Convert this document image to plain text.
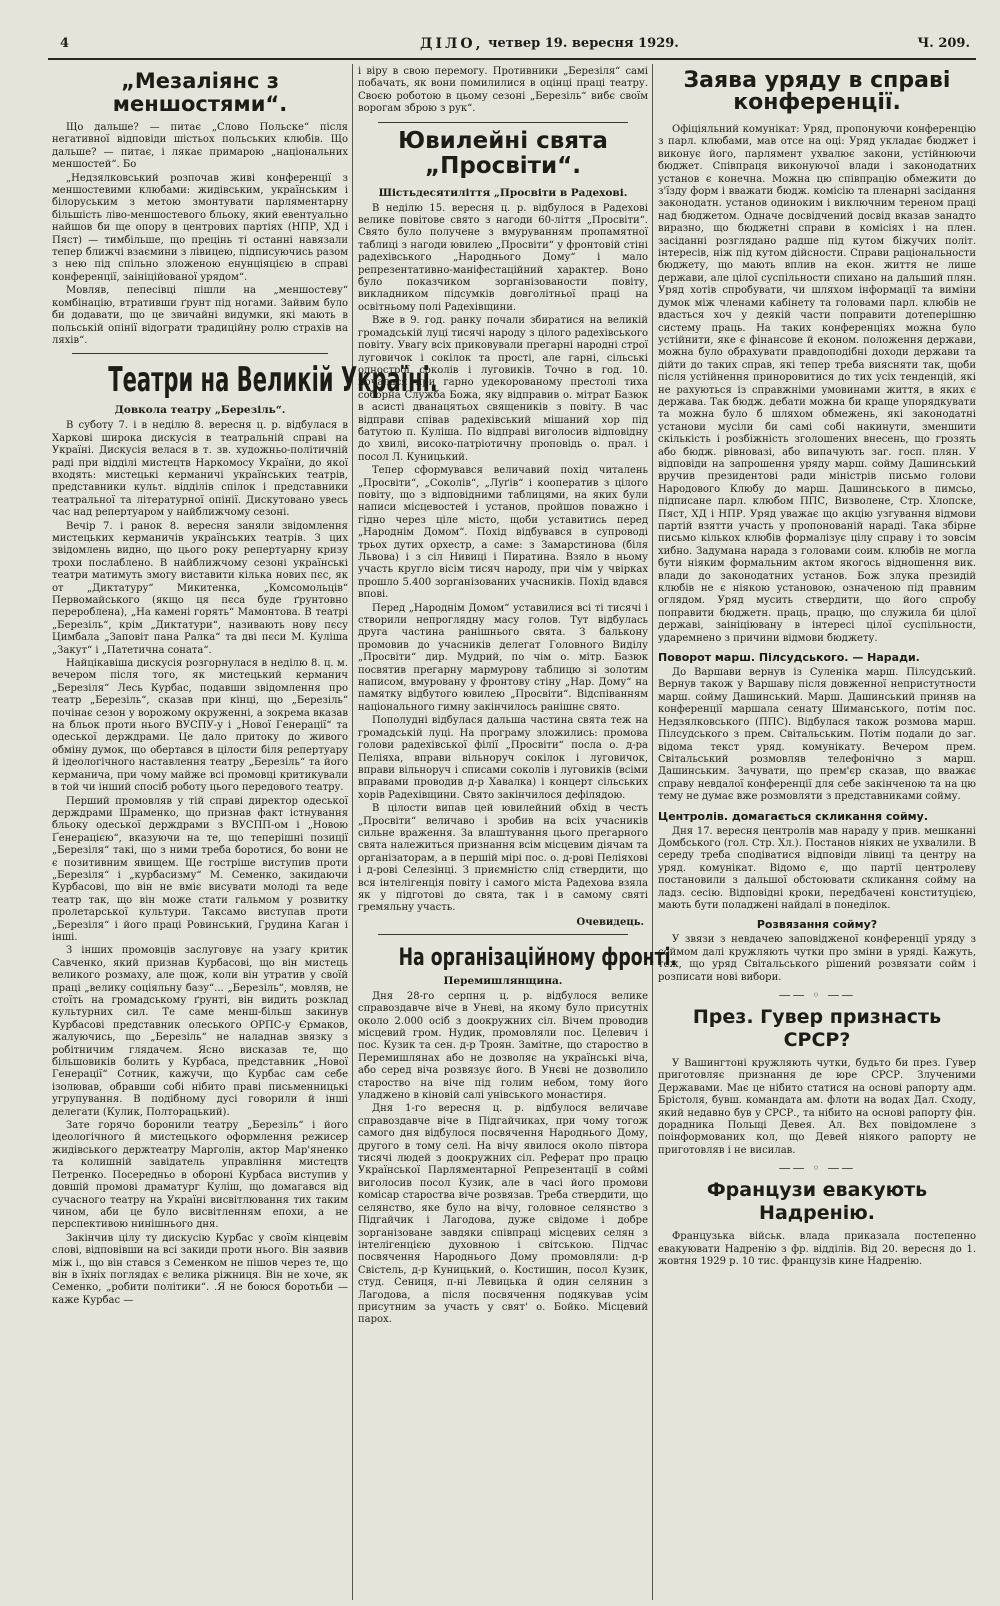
4	ДІЛО, четвер 19. вересня 1929.	Ч. 209.
„Мезаліянс з меншостями“.

Що дальше? — питає „Слово Польске“ після негативної відповіди шістьох польських клюбів. Що дальше? — питає, і лякає примарою „національних меншостей“. Бо

„Недзялковський розпочав живі конференції з меншостевими клюбами: жидівським, українським і білоруським з метою змонтувати парляментарну більшість ліво-меншостевого бльоку, який евентуально найшов би ще опору в центрових партіях (НПР, ХД і Пяст) — тимбільше, що прецінь ті останні навязали тепер ближчі взаємини з лівицею, підписуючись разом з нею під спільно зложеною енунціяцією в справі конференції, заініційованої урядом“.

Мовляв, пепесівці пішли на „меншостеву“ комбінацію, втративши ґрунт під ногами. Зайвим було би додавати, що це звичайні видумки, які мають в польській опінії відограти традиційну ролю страхів на ляхів“.

Театри на Великій Україні.
Довкола театру „Березіль“.

В суботу 7. і в неділю 8. вересня ц. р. відбулася в Харкові широка дискусія в театральній справі на Україні. Дискусія велася в т. зв. художньо-політичній раді при відділі мистецтв Наркомосу України, до якої входять: мистецькі керманичі українських театрів, представники культ. відділів спілок і представники театральної та літературної опінії. Дискутовано увесь час над репертуаром у найближчому сезоні.

Вечір 7. і ранок 8. вересня заняли звідомлення мистецьких керманичів українських театрів. З цих звідомлень видно, що цього року репертуарну кризу трохи послаблено. В найближчому сезоні українські театри матимуть змогу виставити кілька нових пєс, як от „Диктатуру“ Микитенка, „Комсомольців“ Первомайського (якщо ця пєса буде ґрунтовно перероблена), „На камені горять“ Мамонтова. В театрі „Березіль“, крім „Диктатури“, називають нову пєсу Цимбала „Заповіт пана Ралка“ та дві пєси М. Куліша „Закут“ і „Патетична соната“.

Найцікавіша дискусія розгорнулася в неділю 8. ц. м. вечером після того, як мистецький керманич „Березіля“ Лесь Курбас, подавши звідомлення про театр „Березіль“, сказав при кінці, що „Березіль“ почінає сезон у ворожому окруженні, а зокрема вказав на бльок проти нього ВУСПУ-у і „Нової Генерації“ та одеської держдрами. Це дало притоку до живого обміну думок, що обертався в цілости біля репертуару й ідеологічного наставлення театру „Березіль“ та його керманича, при чому майже всі промовці критикували в той чи інший спосіб роботу цього передового театру.

Перший промовляв у тій справі директор одеської держдрами Шраменко, що признав факт істнування бльоку одеської держдрами з ВУСПП-ом і „Новою Ґенерацією“, вказуючи на те, що теперішні позиції „Березіля“ такі, що з ними треба боротися, бо вони не є позитивним явищем. Ще гостріше виступив проти „Березіля“ і „курбасизму“ М. Семенко, закидаючи Курбасові, що він не вміє висувати молоді та веде театр так, що він може стати гальмом у розвитку пролетарської культури. Таксамо виступав проти „Березіля“ і його праці Ровинський, Грудина Каган і інші.

З інших промовців заслуговує на узагу критик Савченко, який признав Курбасові, що він мистець великого розмаху, але щож, коли він утратив у своїй праці „велику соціяльну базу“... „Березіль“, мовляв, не стоїть на громадському ґрунті, він видить розклад культурних сил. Те саме менш-більш закинув Курбасові представник олеського ОРПС-у Єрмаков, жалуючись, що „Березіль“ не наладнав звязку з робітничим глядачем. Ясно висказав те, що більшовиків болить у Курбаса, представник „Нової Генерації“ Сотник, кажучи, що Курбас сам себе ізолював, обравши собі нібито праві письменницькі угрупування. В подібному дусі говорили й інші делегати (Кулик, Полторацький).

Зате горячо боронили театру „Березіль“ і його ідеологічного й мистецького оформлення режисер жидівського держтеатру Марголін, актор Мар'яненко та колишній завідатель управління мистецтв Петренко. Посередньо в обороні Курбаса виступив у довшій промові драматург Куліш, що домагався від сучасного театру на Україні висвітлювання тих таким чином, аби це було висвітленням епохи, а не перспективою нинішнього дня.

Закінчив цілу ту дискусію Курбас у своїм кінцевім слові, відповівши на всі закиди проти нього. Він заявив між і., що він стався з Семенком не пішов через те, що він в їхніх поглядах є велика ріжниця. Він не хоче, як Семенко, „робити політики“. .Я не боюся боротьби — каже Курбас —

і віру в свою перемогу. Противники „Березіля“ самі побачать, як вони помилилися в оцінці праці театру. Своєю роботою в цьому сезоні „Березіль“ вибє своїм ворогам зброю з рук“.

Ювилейні свята „Просвіти“.
Шістьдесятиліття „Просвіти в Радехові.

В неділю 15. вересня ц. р. відбулося в Радехові велике повітове свято з нагоди 60-ліття „Просвіти“. Свято було получене з вмуруванням пропамятної таблиці з нагоди ювилею „Просвіти“ у фронтовій стіні радехівського „Народнього Дому“ і мало репрезентативно-маніфестаційний характер. Воно було показчиком зорганізованости повіту, викладником підсумків довголітньої праці на освітньому полі Радехівщини.

Вже в 9. год. ранку почали збиратися на великій громадській луці тисячі народу з цілого радехівського повіту. Увагу всіх приковували прегарні народні строї луговичок і сокілок та прості, але гарні, сільські однострої соколів і луговиків. Точно в год. 10. почалася при гарно удекорованому престолі тиха соборна Служба Божа, яку відправив о. мітрат Базюк в асисті дванацятьох священиків з повіту. В час відправи співав радехівський мішаний хор під батутою п. Куліша. По відправі виголосив відповідну до хвилі, високо-патріотичну проповідь о. прал. і посол Л. Куницький.

Тепер сформувався величавий похід читалень „Просвіти“, „Соколів“, „Луґів“ і кооператив з цілого повіту, що з відповідними таблицями, на яких були написи місцевостей і установ, пройшов поважно і гідно через ціле місто, щоби уставитись перед „Народнім Домом“. Похід відбувався в супроводі трьох дутих орхестр, а саме: з Замарстинова (біля Львова) і з сіл Нивиці і Пиратина. Взяло в ньому участь кругло вісім тисяч народу, при чім у чвірках прошло 5.400 зорганізованих учасників. Похід вдався впові.

Перед „Народнім Домом“ уставилися всі ті тисячі і створили непроглядну масу голов. Тут відбулась друга частина ранішнього свята. З балькону промовив до учасників делегат Головного Виділу „Просвіти“ дир. Мудрий, по чім о. мітр. Базюк посвятив прегарну мармурову таблицю зі золотим написом, вмуровану у фронтову стіну „Нар. Дому“ на памятку відбутого ювилею „Просвіти“. Відспіванням національного гимну закінчилось ранішнє свято.

Пополудні відбулася дальша частина свята теж на громадській луці. На програму зложились: промова голови радехівської філії „Просвіти“ посла о. д-ра Пеліяха, вправи вільноруч сокілок і луговичок, вправи вільноруч і списами соколів і луговиків (всіми вправами проводив д-р Хавалка) і концерт сільських хорів Радехівщини. Свято закінчилося дефілядою.

В цілости випав цей ювилейний обхід в честь „Просвіти“ величаво і зробив на всіх учасників сильне враження. За влаштування цього прегарного свята належиться признання всім місцевим діячам та організаторам, а в першій мірі пос. о. д-рові Пеліяхові і д-рові Селезінці. З приємністю слід ствердити, що вся інтелігенція повіту і самого міста Радехова взяла як у підготові до свята, так і в самому святі гремяльну участь.

Очевидець.
На організаційному фронті.
Перемишлянщина.

Дня 28-го серпня ц. р. відбулося велике справоздавче віче в Уневі, на якому було присутніх около 2.000 осіб з доокружних сіл. Вічем проводив місцевий гром. Нудик, промовляли пос. Целевич і пос. Кузик та сен. д-р Троян. Замітне, що староство в Перемишлянах або не дозволяє на українські віча, або серед віча розвязує його. В Унєві не дозволило староство на віче під голим небом, тому його уладжено в кіновій салі унівського монастиря.

Дня 1-го вересня ц. р. відбулося величаве справоздавче віче в Підгайчиках, при чому тогож самого дня відбулося посвячення Народнього Дому, другого в тому селі. На вічу явилося около півтора тисячі людей з доокружних сіл. Реферат про працю Української Парляментарної Репрезентації в соймі виголосив посол Кузик, але в часі його промови комісар староства віче розвязав. Треба ствердити, що селянство, яке було на вічу, головное селянство з Підгайчик і Лагодова, дуже свідоме і добре зорганізоване завдяки співпраці місцевих селян з інтелігенцією духовною і світською. Підчас посвячення Народнього Дому промовляли: д-р Свістель, д-р Куницький, о. Костишин, посол Кузик, студ. Сениця, п-ні Левицька й один селянин з Лагодова, а після посвячення подякував усім присутним за участь у свят' о. Бойко. Місцевий парох.

Заява уряду в справі конференції.

Офіціяльний комунікат: Уряд, пропонуючи конференцію з парл. клюбами, мав отсе на оці: Уряд укладає бюджет і виконує його, парлямент ухвалює закони, устійнюючи бюджет. Співпраця виконуючої влади і законодатних установ є конечна. Можна цю співпрацію обмежити до з'їзду форм і вважати бюдж. комісію та пленарні засідання законодатн. установ одиноким і виключним тереном праці над бюджетом. Одначе досвідчений досвід вказав занадто виразно, що бюджетні справи в комісіях і на плен. засіданні розглядано радше під кутом біжучих політ. інтересів, ніж під кутом дійсности. Справи раціональности бюджету, що мають вплив на екон. життя не лише держави, але цілої суспільности спихано на дальший плян. Уряд хотів спробувати, чи шляхом інформації та виміни думок між членами кабінету та головами парл. клюбів не вдасться хоч у деякій части поправити дотеперішню систему праць. На таких конференціях можна було устійнити, яке є фінансове й економ. положення держави, можна було обрахувати правдоподібні доходи держави та дійти до таких справ, які тепер треба виясняти так, щоби після устійнення приноровитися до тих усіх тенденцій, які не рахуються із справжніми умовинами життя, в яких є держава. Так бюдж. дебати можна би краще упорядкувати та можна було б шляхом обмежень, які законодатні установи мусіли би самі собі накинути, зменшити скількість і розбіжність зголошених внесень, що грозять або бюдж. рівновазі, або випачують заг. госп. плян. У відповіди на запрошення уряду марш. сойму Дашинський вручив президентові ради міністрів письмо голови Народового Клюбу до марш. Дашинського в пимсьо, підписане парл. клюбом ППС, Визволене, Стр. Хлопске, Пяст, ХД і НПР. Уряд уважає що акцію узгування відмови партій взятти участь у пропонованій нараді. Така збірне письмо кількох клюбів формалізує цілу справу і то зовсім хибно. Задумана нарада з головами соим. клюбів не могла бути ніяким формальним актом якогось відношення вик. влади до законодатних установ. Бож злука президій клюбів не є ніякою установою, означеною під правним оглядом. Уряд мусить ствердити, що його спробу поправити бюджетн. праць, працю, що служила би цілої державі, заініціювану в інтересі цілої суспільности, ударемнено з причини відмови бюджету.

Поворот марш. Пілсудського. — Наради.

До Варшави вернув із Суленіка марш. Пілсудський. Вернув також у Варшаву після довженної непристутности марш. сойму Дашинський. Марш. Дашинський приняв на конференції маршала сенату Шиманського, потім пос. Недзялковського (ППС). Відбулася також розмова марш. Пілсудського з прем. Світальським. Потім подали до заг. відома текст уряд. комунікату. Вечером прем. Світальський розмовляв телефонічно з марш. Дашинським. Зачувати, що прем'єр сказав, що вважає справу невдалої конференції для себе закінченою та на цю тему не думає вже розмовляти з представниками сойму.

Центролів. домагається скликання сойму.

Дня 17. вересня центролів мав нараду у прив. мешканні Домбського (гол. Стр. Хл.). Постанов ніяких не ухвалили. В середу треба сподіватися відповіди лівиці та центру на уряд. комунікат. Відомо є, що партії центролеву постановили з дальшої обстоювати скликання сойму на ладз. сесію. Відповідні кроки, передбачені конституцією, мають бути поладжені найдалі в понеділок.

Розвязання сойму?

У звязи з невдачею заповідженої конференції уряду з соймом далі кружляють чутки про зміни в уряді. Кажуть, теж, що уряд Світальського рішений розвязати сойм і розписати нові вибори.

—— ◦ ——
През. Гувер признасть СРСР?

У Вашингтоні кружляють чутки, будьто би през. Гувер приготовляє признання де юре СРСР. Злученими Державами. Має це нібито статися на основі рапорту адм. Брістоля, бувш. командата ам. флоти на водах Дал. Сходу, який недавно був у СРСР., та нібито на основі рапорту фін. дорадника Польщі Девея. Ал. Вєх повідомлене з поінформованих кол, що Девей ніякого рапорту не приготовляв і не висилав.

—— ◦ ——
Французи евакують Надренію.

Французька військ. влада приказала постепенно евакуювати Надренію з фр. відділів. Від 20. вересня до 1. жовтня 1929 р. 10 тис. французів кине Надренію.
